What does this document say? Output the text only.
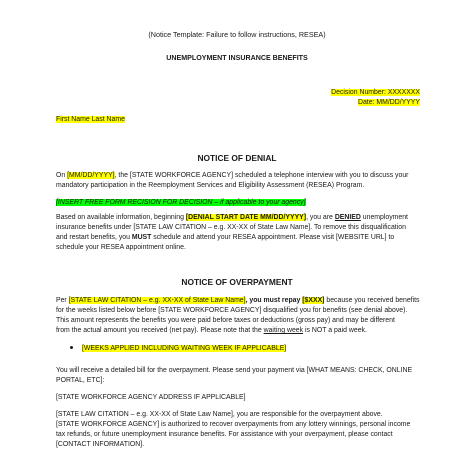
(Notice Template: Failure to follow instructions, RESEA)
UNEMPLOYMENT INSURANCE BENEFITS
Decision Number: XXXXXXX
Date: MM/DD/YYYY
First Name Last Name
NOTICE OF DENIAL
On [MM/DD/YYYY], the [STATE WORKFORCE AGENCY] scheduled a telephone interview with you to discuss your
mandatory participation in the Reemployment Services and Eligibility Assessment (RESEA) Program.
[INSERT FREE FORM RECISION FOR DECISION – if applicable to your agency]
Based on available information, beginning [DENIAL START DATE MM/DD/YYYY], you are DENIED unemployment
insurance benefits under [STATE LAW CITATION – e.g. XX-XX of State Law Name]. To remove this disqualification
and restart benefits, you MUST schedule and attend your RESEA appointment. Please visit [WEBSITE URL] to
schedule your RESEA appointment online.
NOTICE OF OVERPAYMENT
Per [STATE LAW CITATION – e.g. XX-XX of State Law Name], you must repay [$XXX] because you received benefits
for the weeks listed below before [STATE WORKFORCE AGENCY] disqualified you for benefits (see denial above).
This amount represents the benefits you were paid before taxes or deductions (gross pay) and may be different
from the actual amount you received (net pay). Please note that the waiting week is NOT a paid week.
[WEEKS APPLIED INCLUDING WAITING WEEK IF APPLICABLE]
You will receive a detailed bill for the overpayment. Please send your payment via [WHAT MEANS: CHECK, ONLINE
PORTAL, ETC]:
[STATE WORKFORCE AGENCY ADDRESS IF APPLICABLE]
[STATE LAW CITATION – e.g. XX-XX of State Law Name], you are responsible for the overpayment above.
[STATE WORKFORCE AGENCY] is authorized to recover overpayments from any lottery winnings, personal income
tax refunds, or future unemployment insurance benefits. For assistance with your overpayment, please contact
[CONTACT INFORMATION].
